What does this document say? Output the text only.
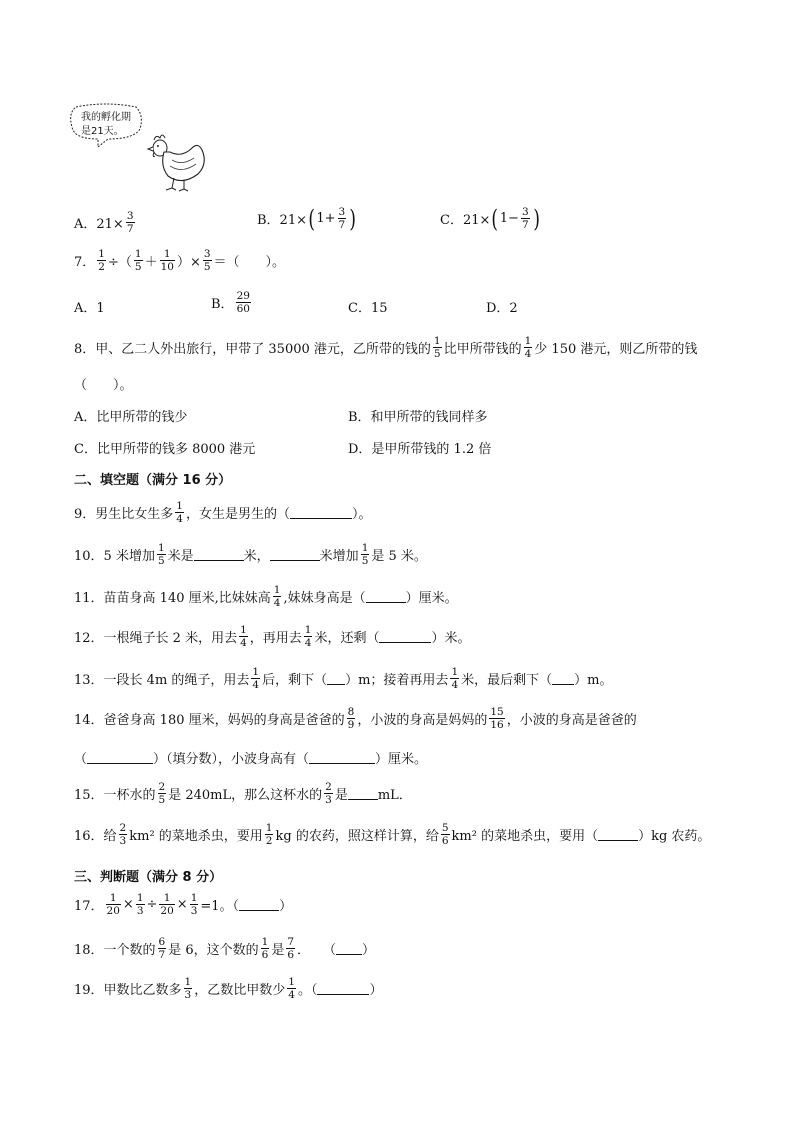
我的孵化期
是21天。
A．$21\times \frac{3}{7}$	B．21× ( $1+ \frac{3}{7}$ )	C．21× ( $1- \frac{3}{7}$ )
7． $\frac{1}{2}$ ÷（ $\frac{1}{5} + \frac{1}{10}$ ）× $\frac{3}{5}$ ＝（　　）。
A．1	B． $\frac{29}{60}$	C．15	D．2
8．甲、乙二人外出旅行，甲带了 35000 港元，乙所带的钱的 $\frac{1}{5}$ 比甲所带钱的 $\frac{1}{4}$ 少 150 港元，则乙所带的钱
（　　）。
A．比甲所带的钱少	B．和甲所带的钱同样多
C．比甲所带的钱多 8000 港元	D．是甲所带钱的 1.2 倍
二、填空题（满分 16 分）
9．男生比女生多 $\frac{1}{4}$ ，女生是男生的（	）。
10．5 米增加 $\frac{1}{5}$ 米是	米，	米增加 $\frac{1}{5}$ 是 5 米。
11．苗苗身高 140 厘米,比妹妹高 $\frac{1}{4}$ ,妹妹身高是（	）厘米。
12．一根绳子长 2 米，用去 $\frac{1}{4}$ ，再用去 $\frac{1}{4}$ 米，还剩（	）米。
13．一段长 4m 的绳子，用去 $\frac{1}{4}$ 后，剩下（ ）m；接着再用去 $\frac{1}{4}$ 米，最后剩下（ ）m。
14．爸爸身高 180 厘米，妈妈的身高是爸爸的 $\frac{8}{9}$ ，小波的身高是妈妈的 $\frac{15}{16}$ ，小波的身高是爸爸的
（	）（填分数），小波身高有（	）厘米。
15．一杯水的 $\frac{2}{5}$ 是 240mL，那么这杯水的 $\frac{2}{3}$ 是 mL．
16．给 $\frac{2}{3} km^2$ 的菜地杀虫，要用 $\frac{1}{2}$ kg 的农药，照这样计算，给 $\frac{5}{6} km^2$ 的菜地杀虫，要用（	）kg 农药。
三、判断题（满分 8 分）
17． $\frac{1}{20} \times \frac{1}{3} \div \frac{1}{20} \times \frac{1}{3} =1$。（	）
18．一个数的 $\frac{6}{7}$ 是 6，这个数的 $\frac{1}{6}$ 是 $\frac{7}{6}$ ．　　（ ）
19．甲数比乙数多 $\frac{1}{3}$ ，乙数比甲数少 $\frac{1}{4}$ 。（	）
